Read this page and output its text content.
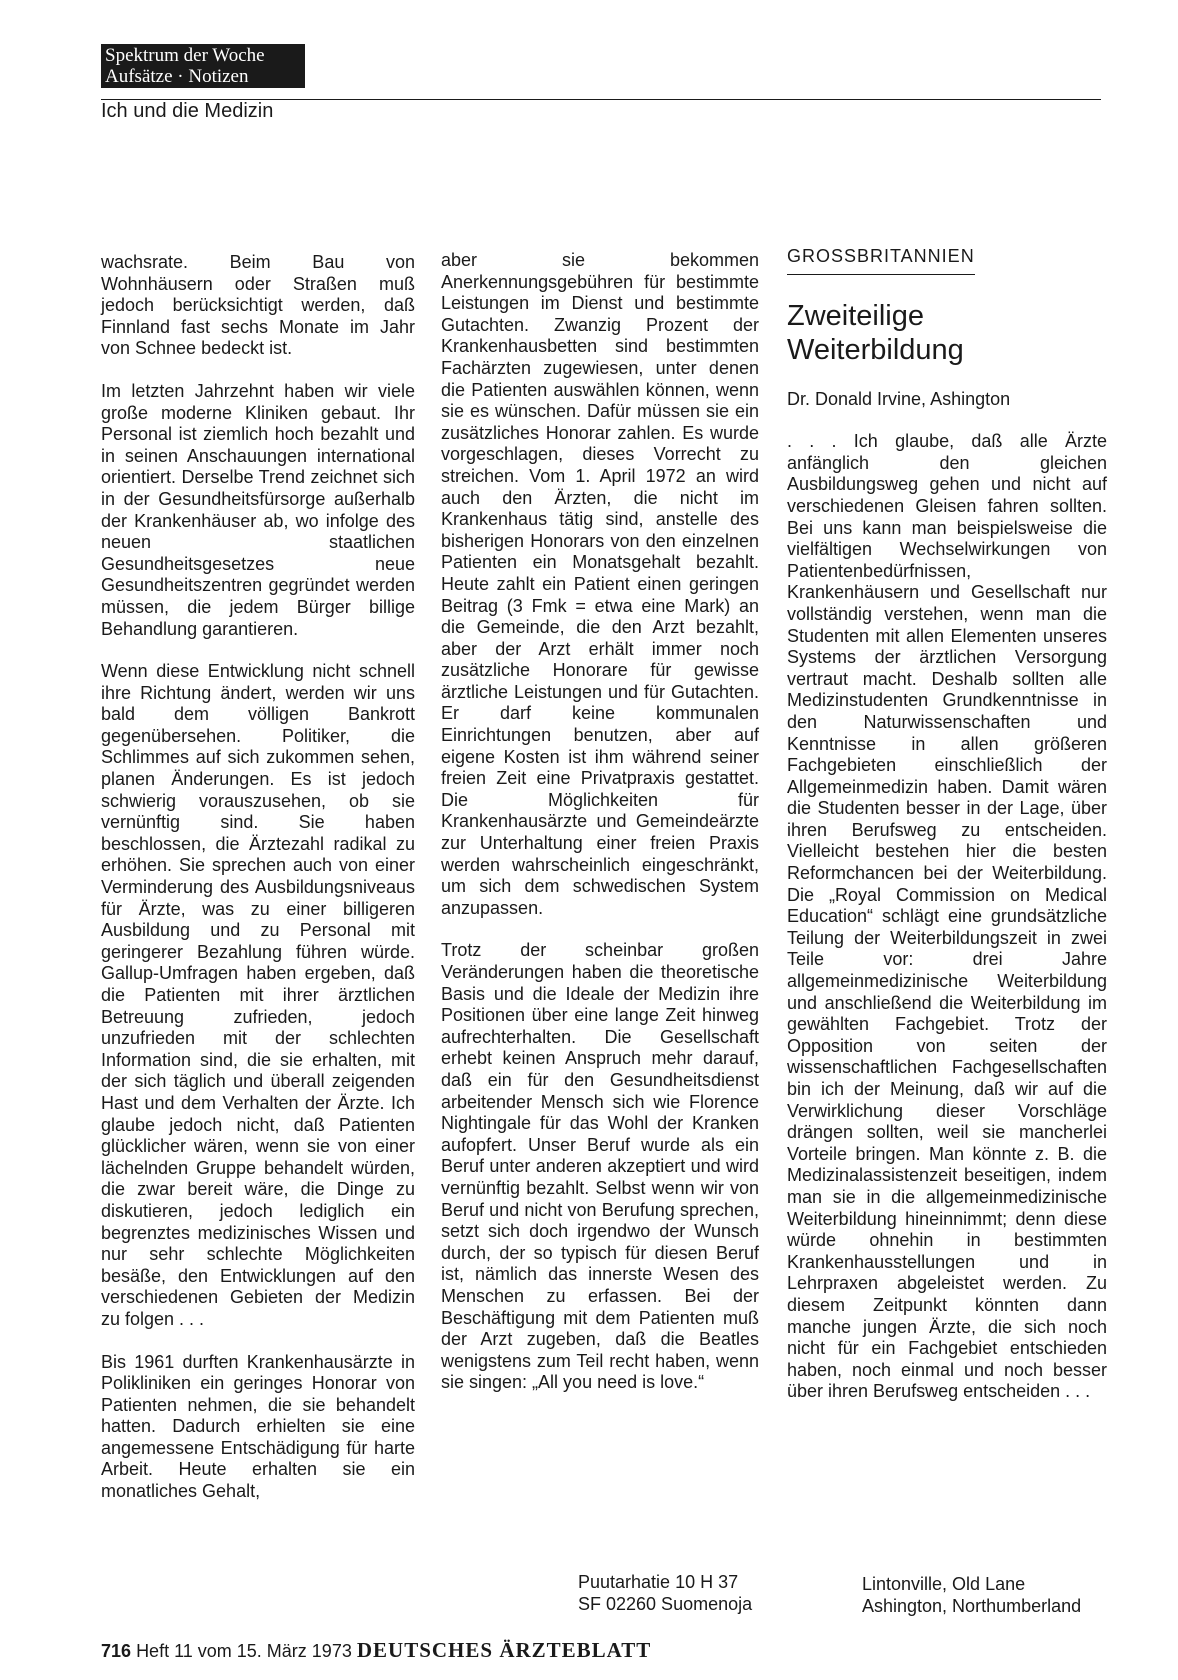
Spektrum der Woche
Aufsätze · Notizen
Ich und die Medizin

wachsrate. Beim Bau von Wohnhäusern oder Straßen muß jedoch berücksichtigt werden, daß Finnland fast sechs Monate im Jahr von Schnee bedeckt ist.

Im letzten Jahrzehnt haben wir viele große moderne Kliniken gebaut. Ihr Personal ist ziemlich hoch bezahlt und in seinen Anschauungen international orientiert. Derselbe Trend zeichnet sich in der Gesundheitsfürsorge außerhalb der Krankenhäuser ab, wo infolge des neuen staatlichen Gesundheitsgesetzes neue Gesundheitszentren gegründet werden müssen, die jedem Bürger billige Behandlung garantieren.

Wenn diese Entwicklung nicht schnell ihre Richtung ändert, werden wir uns bald dem völligen Bankrott gegenübersehen. Politiker, die Schlimmes auf sich zukommen sehen, planen Änderungen. Es ist jedoch schwierig vorauszusehen, ob sie vernünftig sind. Sie haben beschlossen, die Ärztezahl radikal zu erhöhen. Sie sprechen auch von einer Verminderung des Ausbildungsniveaus für Ärzte, was zu einer billigeren Ausbildung und zu Personal mit geringerer Bezahlung führen würde. Gallup-Umfragen haben ergeben, daß die Patienten mit ihrer ärztlichen Betreuung zufrieden, jedoch unzufrieden mit der schlechten Information sind, die sie erhalten, mit der sich täglich und überall zeigenden Hast und dem Verhalten der Ärzte. Ich glaube jedoch nicht, daß Patienten glücklicher wären, wenn sie von einer lächelnden Gruppe behandelt würden, die zwar bereit wäre, die Dinge zu diskutieren, jedoch lediglich ein begrenztes medizinisches Wissen und nur sehr schlechte Möglichkeiten besäße, den Entwicklungen auf den verschiedenen Gebieten der Medizin zu folgen . . .

Bis 1961 durften Krankenhausärzte in Polikliniken ein geringes Honorar von Patienten nehmen, die sie behandelt hatten. Dadurch erhielten sie eine angemessene Entschädigung für harte Arbeit. Heute erhalten sie ein monatliches Gehalt,

aber sie bekommen Anerkennungsgebühren für bestimmte Leistungen im Dienst und bestimmte Gutachten. Zwanzig Prozent der Krankenhausbetten sind bestimmten Fachärzten zugewiesen, unter denen die Patienten auswählen können, wenn sie es wünschen. Dafür müssen sie ein zusätzliches Honorar zahlen. Es wurde vorgeschlagen, dieses Vorrecht zu streichen. Vom 1. April 1972 an wird auch den Ärzten, die nicht im Krankenhaus tätig sind, anstelle des bisherigen Honorars von den einzelnen Patienten ein Monatsgehalt bezahlt. Heute zahlt ein Patient einen geringen Beitrag (3 Fmk = etwa eine Mark) an die Gemeinde, die den Arzt bezahlt, aber der Arzt erhält immer noch zusätzliche Honorare für gewisse ärztliche Leistungen und für Gutachten. Er darf keine kommunalen Einrichtungen benutzen, aber auf eigene Kosten ist ihm während seiner freien Zeit eine Privatpraxis gestattet. Die Möglichkeiten für Krankenhausärzte und Gemeindeärzte zur Unterhaltung einer freien Praxis werden wahrscheinlich eingeschränkt, um sich dem schwedischen System anzupassen.

Trotz der scheinbar großen Veränderungen haben die theoretische Basis und die Ideale der Medizin ihre Positionen über eine lange Zeit hinweg aufrechterhalten. Die Gesellschaft erhebt keinen Anspruch mehr darauf, daß ein für den Gesundheitsdienst arbeitender Mensch sich wie Florence Nightingale für das Wohl der Kranken aufopfert. Unser Beruf wurde als ein Beruf unter anderen akzeptiert und wird vernünftig bezahlt. Selbst wenn wir von Beruf und nicht von Berufung sprechen, setzt sich doch irgendwo der Wunsch durch, der so typisch für diesen Beruf ist, nämlich das innerste Wesen des Menschen zu erfassen. Bei der Beschäftigung mit dem Patienten muß der Arzt zugeben, daß die Beatles wenigstens zum Teil recht haben, wenn sie singen: „All you need is love.“

Puutarhatie 10 H 37
SF 02260 Suomenoja
GROSSBRITANNIEN
Zweiteilige
Weiterbildung

Dr. Donald Irvine, Ashington

. . . Ich glaube, daß alle Ärzte anfänglich den gleichen Ausbildungsweg gehen und nicht auf verschiedenen Gleisen fahren sollten. Bei uns kann man beispielsweise die vielfältigen Wechselwirkungen von Patientenbedürfnissen, Krankenhäusern und Gesellschaft nur vollständig verstehen, wenn man die Studenten mit allen Elementen unseres Systems der ärztlichen Versorgung vertraut macht. Deshalb sollten alle Medizinstudenten Grundkenntnisse in den Naturwissenschaften und Kenntnisse in allen größeren Fachgebieten einschließlich der Allgemeinmedizin haben. Damit wären die Studenten besser in der Lage, über ihren Berufsweg zu entscheiden. Vielleicht bestehen hier die besten Reformchancen bei der Weiterbildung. Die „Royal Commission on Medical Education“ schlägt eine grundsätzliche Teilung der Weiterbildungszeit in zwei Teile vor: drei Jahre allgemeinmedizinische Weiterbildung und anschließend die Weiterbildung im gewählten Fachgebiet. Trotz der Opposition von seiten der wissenschaftlichen Fachgesellschaften bin ich der Meinung, daß wir auf die Verwirklichung dieser Vorschläge drängen sollten, weil sie mancherlei Vorteile bringen. Man könnte z. B. die Medizinalassistenzeit beseitigen, indem man sie in die allgemeinmedizinische Weiterbildung hineinnimmt; denn diese würde ohnehin in bestimmten Krankenhausstellungen und in Lehrpraxen abgeleistet werden. Zu diesem Zeitpunkt könnten dann manche jungen Ärzte, die sich noch nicht für ein Fachgebiet entschieden haben, noch einmal und noch besser über ihren Berufsweg entscheiden . . .

Lintonville, Old Lane
Ashington, Northumberland
716 Heft 11 vom 15. März 1973 DEUTSCHES ÄRZTEBLATT
